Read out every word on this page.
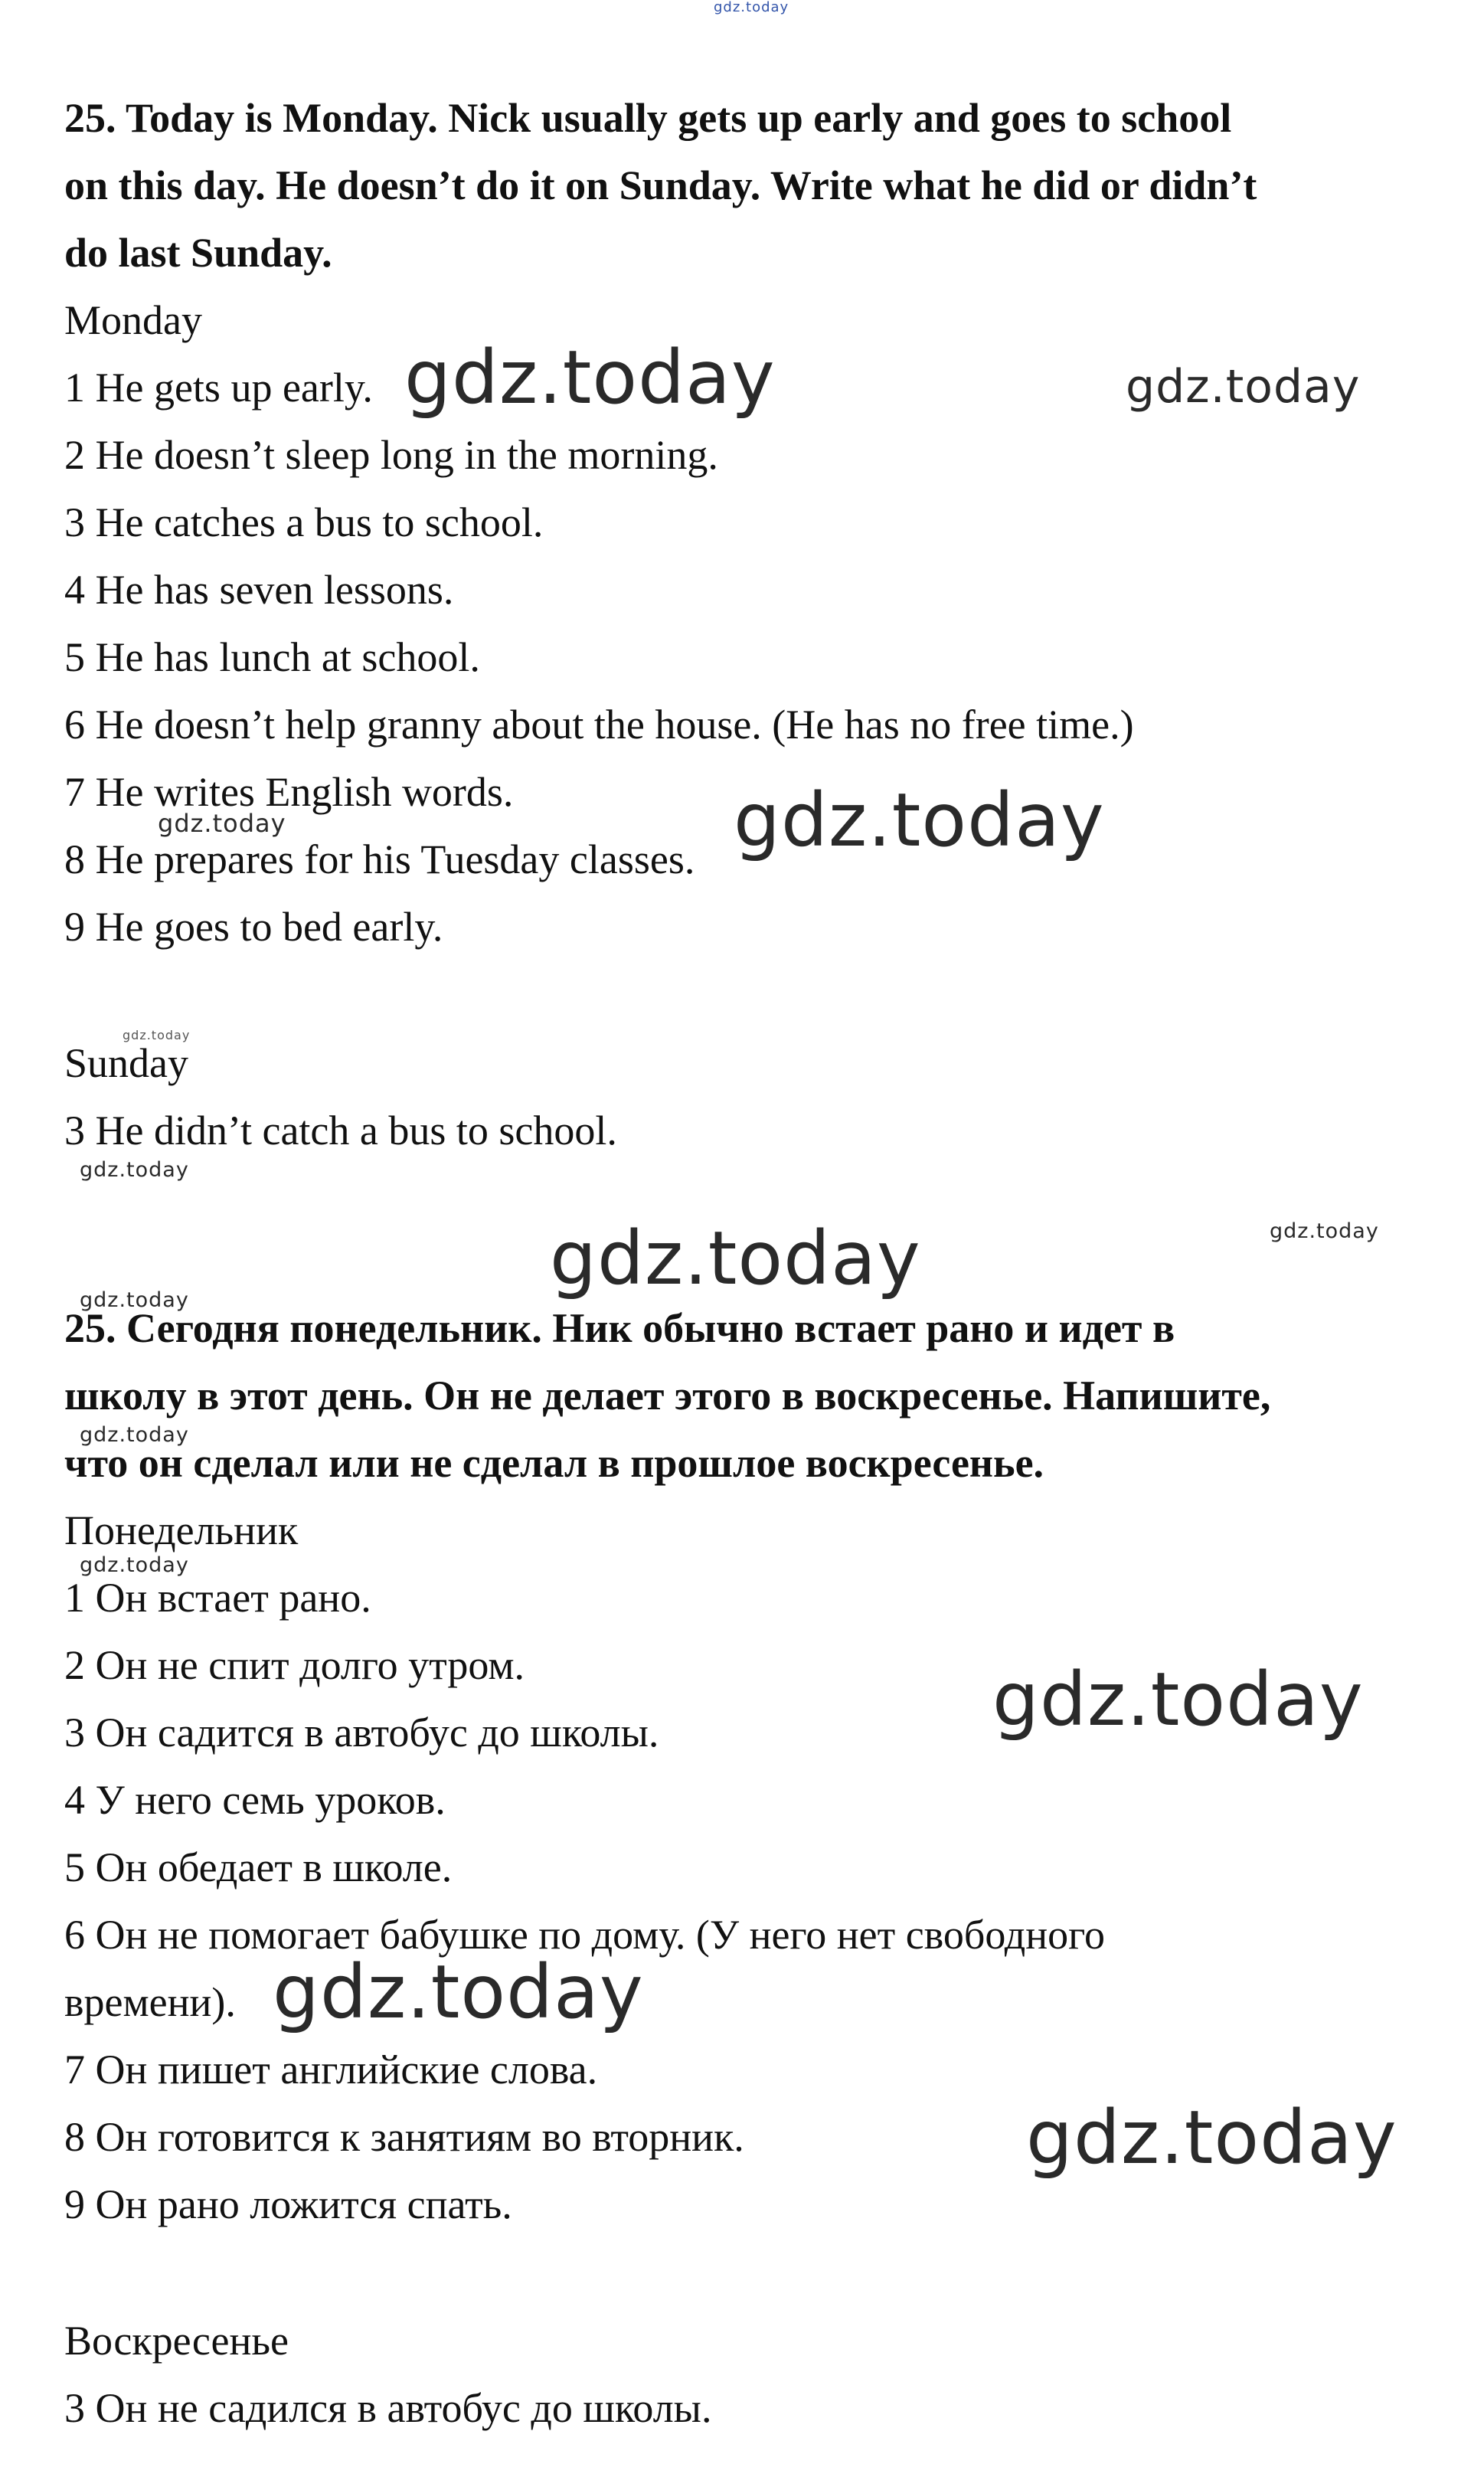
gdz.today
25. Today is Monday. Nick usually gets up early and goes to school
on this day. He doesn’t do it on Sunday. Write what he did or didn’t
do last Sunday.
Monday
1 He gets up early.
2 He doesn’t sleep long in the morning.
3 He catches a bus to school.
4 He has seven lessons.
5 He has lunch at school.
6 He doesn’t help granny about the house. (He has no free time.)
7 He writes English words.
8 He prepares for his Tuesday classes.
9 He goes to bed early.
Sunday
3 He didn’t catch a bus to school.
25. Сегодня понедельник. Ник обычно встает рано и идет в
школу в этот день. Он не делает этого в воскресенье. Напишите,
что он сделал или не сделал в прошлое воскресенье.
Понедельник
1 Он встает рано.
2 Он не спит долго утром.
3 Он садится в автобус до школы.
4 У него семь уроков.
5 Он обедает в школе.
6 Он не помогает бабушке по дому. (У него нет свободного
времени).
7 Он пишет английские слова.
8 Он готовится к занятиям во вторник.
9 Он рано ложится спать.
Воскресенье
3 Он не садился в автобус до школы.
gdz.today	gdz.today
gdz.today
gdz.today
gdz.today
gdz.today
gdz.today	gdz.today
gdz.today
gdz.today
gdz.today
gdz.today
gdz.today
gdz.today
